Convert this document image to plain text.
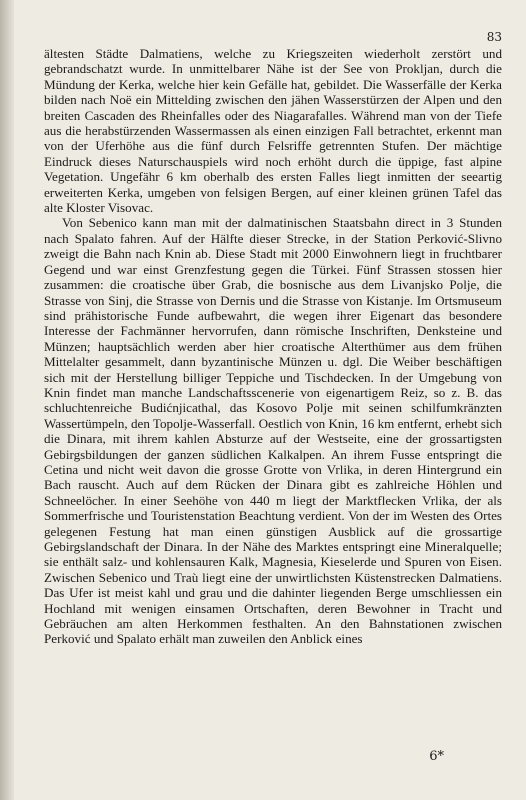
83

ältesten Städte Dalmatiens, welche zu Kriegszeiten wiederholt zerstört und gebrandschatzt wurde. In unmittelbarer Nähe ist der See von Prokljan, durch die Mündung der Kerka, welche hier kein Gefälle hat, gebildet. Die Wasserfälle der Kerka bilden nach Noë ein Mittelding zwischen den jähen Wasserstürzen der Alpen und den breiten Cascaden des Rheinfalles oder des Niagarafalles. Während man von der Tiefe aus die herabstürzenden Wassermassen als einen einzigen Fall betrachtet, erkennt man von der Uferhöhe aus die fünf durch Felsriffe getrennten Stufen. Der mächtige Eindruck dieses Naturschauspiels wird noch erhöht durch die üppige, fast alpine Vegetation. Ungefähr 6 km oberhalb des ersten Falles liegt inmitten der seeartig erweiterten Kerka, umgeben von felsigen Bergen, auf einer kleinen grünen Tafel das alte Kloster Visovac.

Von Sebenico kann man mit der dalmatinischen Staatsbahn direct in 3 Stunden nach Spalato fahren. Auf der Hälfte dieser Strecke, in der Station Perković-Slivno zweigt die Bahn nach Knin ab. Diese Stadt mit 2000 Einwohnern liegt in fruchtbarer Gegend und war einst Grenzfestung gegen die Türkei. Fünf Strassen stossen hier zusammen: die croatische über Grab, die bosnische aus dem Livanjsko Polje, die Strasse von Sinj, die Strasse von Dernis und die Strasse von Kistanje. Im Ortsmuseum sind prähistorische Funde aufbewahrt, die wegen ihrer Eigenart das besondere Interesse der Fachmänner hervorrufen, dann römische Inschriften, Denksteine und Münzen; hauptsächlich werden aber hier croatische Alterthümer aus dem frühen Mittelalter gesammelt, dann byzantinische Münzen u. dgl. Die Weiber beschäftigen sich mit der Herstellung billiger Teppiche und Tischdecken. In der Umgebung von Knin findet man manche Landschaftsscenerie von eigenartigem Reiz, so z. B. das schluchtenreiche Budićnjicathal, das Kosovo Polje mit seinen schilfumkränzten Wassertümpeln, den Topolje-Wasserfall. Oestlich von Knin, 16 km entfernt, erhebt sich die Dinara, mit ihrem kahlen Absturze auf der Westseite, eine der grossartigsten Gebirgsbildungen der ganzen südlichen Kalkalpen. An ihrem Fusse entspringt die Cetina und nicht weit davon die grosse Grotte von Vrlika, in deren Hintergrund ein Bach rauscht. Auch auf dem Rücken der Dinara gibt es zahlreiche Höhlen und Schneelöcher. In einer Seehöhe von 440 m liegt der Marktflecken Vrlika, der als Sommerfrische und Touristenstation Beachtung verdient. Von der im Westen des Ortes gelegenen Festung hat man einen günstigen Ausblick auf die grossartige Gebirgslandschaft der Dinara. In der Nähe des Marktes entspringt eine Mineralquelle; sie enthält salz- und kohlensauren Kalk, Magnesia, Kieselerde und Spuren von Eisen. Zwischen Sebenico und Traù liegt eine der unwirtlichsten Küstenstrecken Dalmatiens. Das Ufer ist meist kahl und grau und die dahinter liegenden Berge umschliessen ein Hochland mit wenigen einsamen Ortschaften, deren Bewohner in Tracht und Gebräuchen am alten Herkommen festhalten. An den Bahnstationen zwischen Perković und Spalato erhält man zuweilen den Anblick eines

6*
